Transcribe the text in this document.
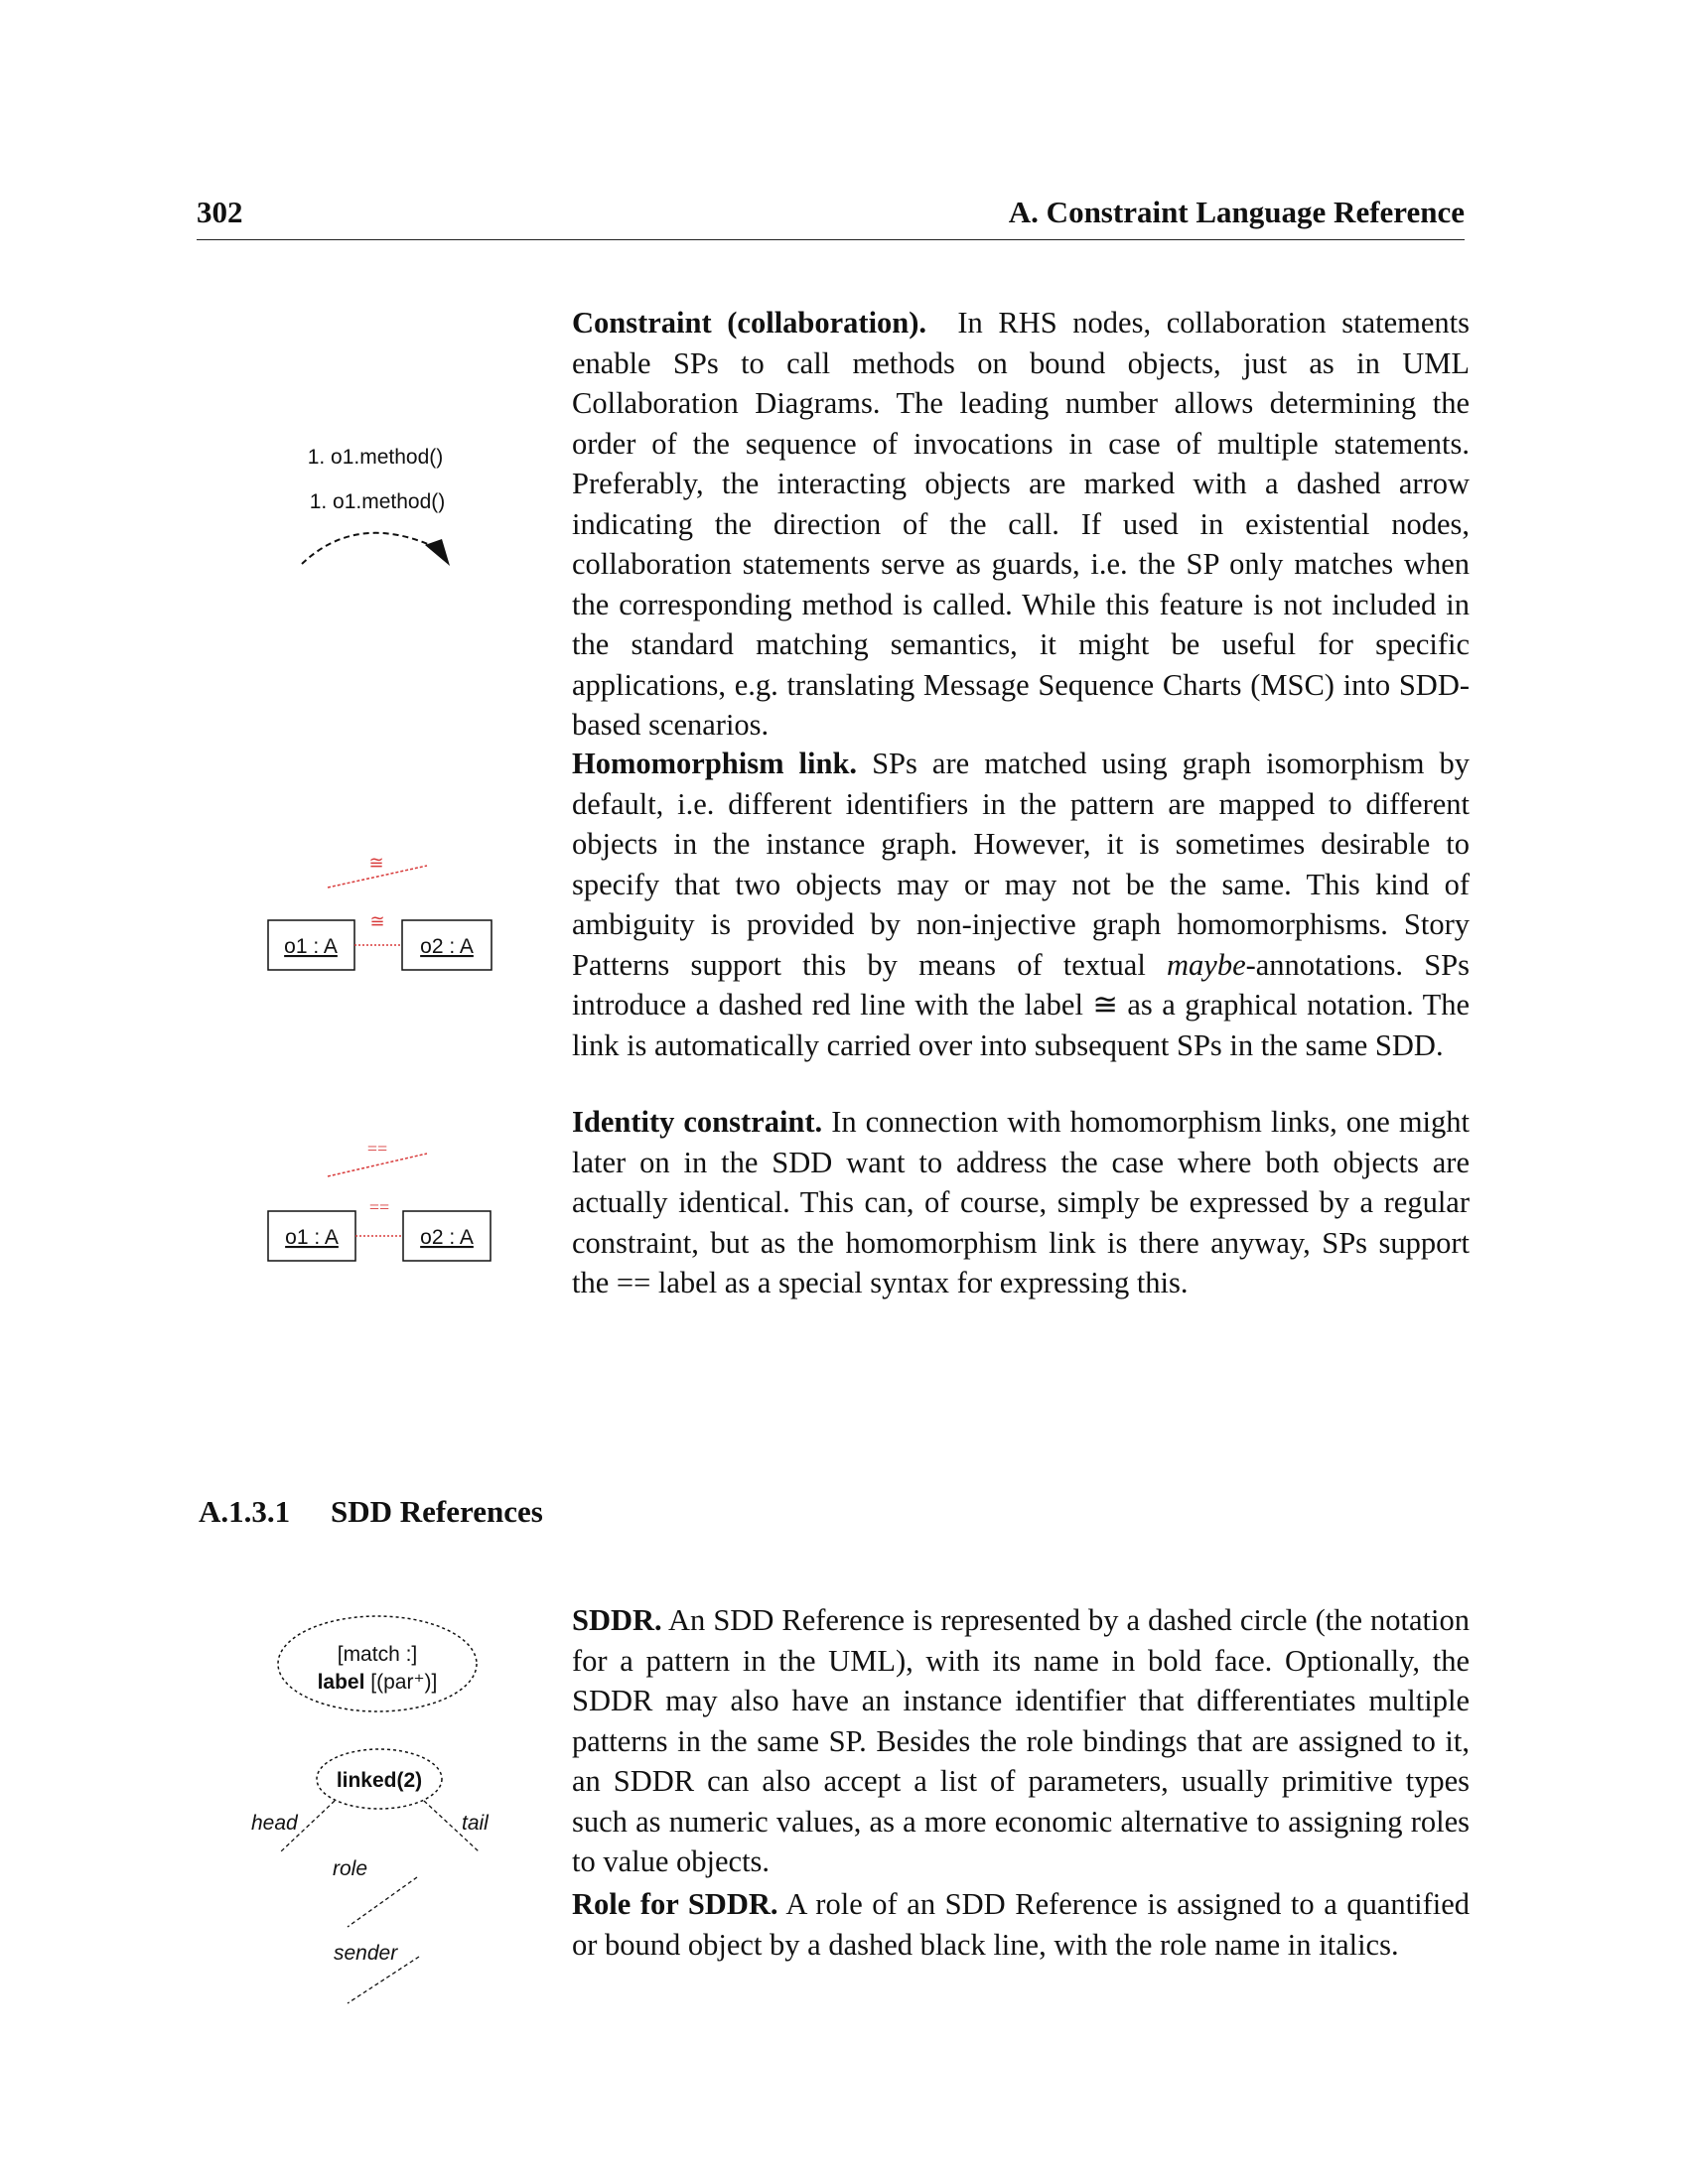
302	A. Constraint Language Reference
1. o1.method()
1. o1.method()

Constraint (collaboration). In RHS nodes, collaboration statements enable SPs to call methods on bound objects, just as in UML Collaboration Diagrams. The leading number allows determining the order of the sequence of invocations in case of multiple statements. Preferably, the interacting objects are marked with a dashed arrow indicating the direction of the call. If used in existential nodes, collaboration statements serve as guards, i.e. the SP only matches when the corresponding method is called. While this feature is not included in the standard matching semantics, it might be useful for specific applications, e.g. translating Message Sequence Charts (MSC) into SDD-based scenarios.

≅
≅
o1 : A	o2 : A

Homomorphism link. SPs are matched using graph isomorphism by default, i.e. different identifiers in the pattern are mapped to different objects in the instance graph. However, it is sometimes desirable to specify that two objects may or may not be the same. This kind of ambiguity is provided by non-injective graph homomorphisms. Story Patterns support this by means of textual maybe-annotations. SPs introduce a dashed red line with the label ≅ as a graphical notation. The link is automatically carried over into subsequent SPs in the same SDD.

==
==
o1 : A	o2 : A

Identity constraint. In connection with homomorphism links, one might later on in the SDD want to address the case where both objects are actually identical. This can, of course, simply be expressed by a regular constraint, but as the homomorphism link is there anyway, SPs support the == label as a special syntax for expressing this.

A.1.3.1 SDD References
[match :]
label [(par⁺)]
linked(2)
head	tail
role
sender

SDDR. An SDD Reference is represented by a dashed circle (the notation for a pattern in the UML), with its name in bold face. Optionally, the SDDR may also have an instance identifier that differentiates multiple patterns in the same SP. Besides the role bindings that are assigned to it, an SDDR can also accept a list of parameters, usually primitive types such as numeric values, as a more economic alternative to assigning roles to value objects.

Role for SDDR. A role of an SDD Reference is assigned to a quantified or bound object by a dashed black line, with the role name in italics.
